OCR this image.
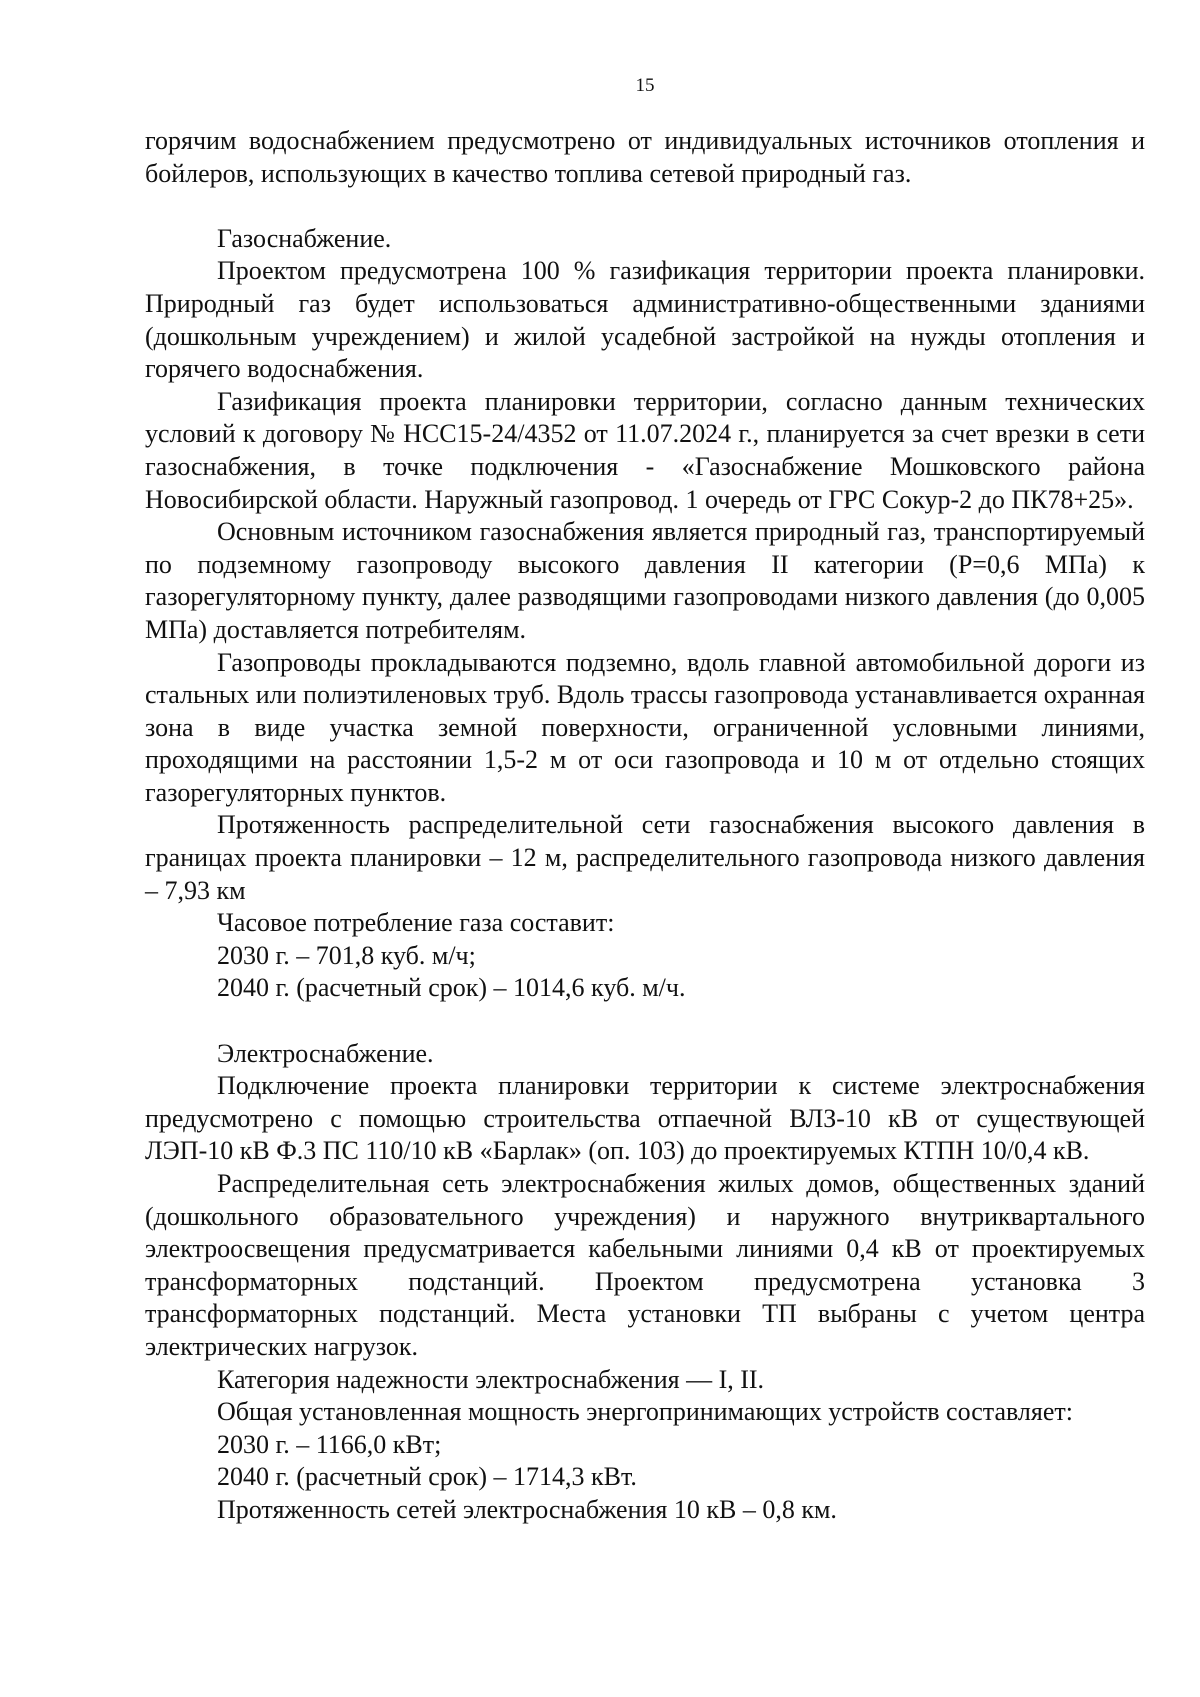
15

горячим водоснабжением предусмотрено от индивидуальных источников отопления и бойлеров, использующих в качество топлива сетевой природный газ.

Газоснабжение.

Проектом предусмотрена 100 % газификация территории проекта планировки. Природный газ будет использоваться административно-общественными зданиями (дошкольным учреждением) и жилой усадебной застройкой на нужды отопления и горячего водоснабжения.

Газификация проекта планировки территории, согласно данным технических условий к договору № НСС15-24/4352 от 11.07.2024 г., планируется за счет врезки в сети газоснабжения, в точке подключения - «Газоснабжение Мошковского района Новосибирской области. Наружный газопровод. 1 очередь от ГРС Сокур-2 до ПК78+25».

Основным источником газоснабжения является природный газ, транспортируемый по подземному газопроводу высокого давления II категории (Р=0,6 МПа) к газорегуляторному пункту, далее разводящими газопроводами низкого давления (до 0,005 МПа) доставляется потребителям.

Газопроводы прокладываются подземно, вдоль главной автомобильной дороги из стальных или полиэтиленовых труб. Вдоль трассы газопровода устанавливается охранная зона в виде участка земной поверхности, ограниченной условными линиями, проходящими на расстоянии 1,5-2 м от оси газопровода и 10 м от отдельно стоящих газорегуляторных пунктов.

Протяженность распределительной сети газоснабжения высокого давления в границах проекта планировки – 12 м, распределительного газопровода низкого давления – 7,93 км

Часовое потребление газа составит:

2030 г. – 701,8 куб. м/ч;

2040 г. (расчетный срок) – 1014,6 куб. м/ч.

Электроснабжение.

Подключение проекта планировки территории к системе электроснабжения предусмотрено с помощью строительства отпаечной ВЛЗ-10 кВ от существующей ЛЭП-10 кВ Ф.3 ПС 110/10 кВ «Барлак» (оп. 103) до проектируемых КТПН 10/0,4 кВ.

Распределительная сеть электроснабжения жилых домов, общественных зданий (дошкольного образовательного учреждения) и наружного внутриквартального электроосвещения предусматривается кабельными линиями 0,4 кВ от проектируемых трансформаторных подстанций. Проектом предусмотрена установка 3 трансформаторных подстанций. Места установки ТП выбраны с учетом центра электрических нагрузок.

Категория надежности электроснабжения — I, II.

Общая установленная мощность энергопринимающих устройств составляет:

2030 г. – 1166,0 кВт;

2040 г. (расчетный срок) – 1714,3 кВт.

Протяженность сетей электроснабжения 10 кВ – 0,8 км.
